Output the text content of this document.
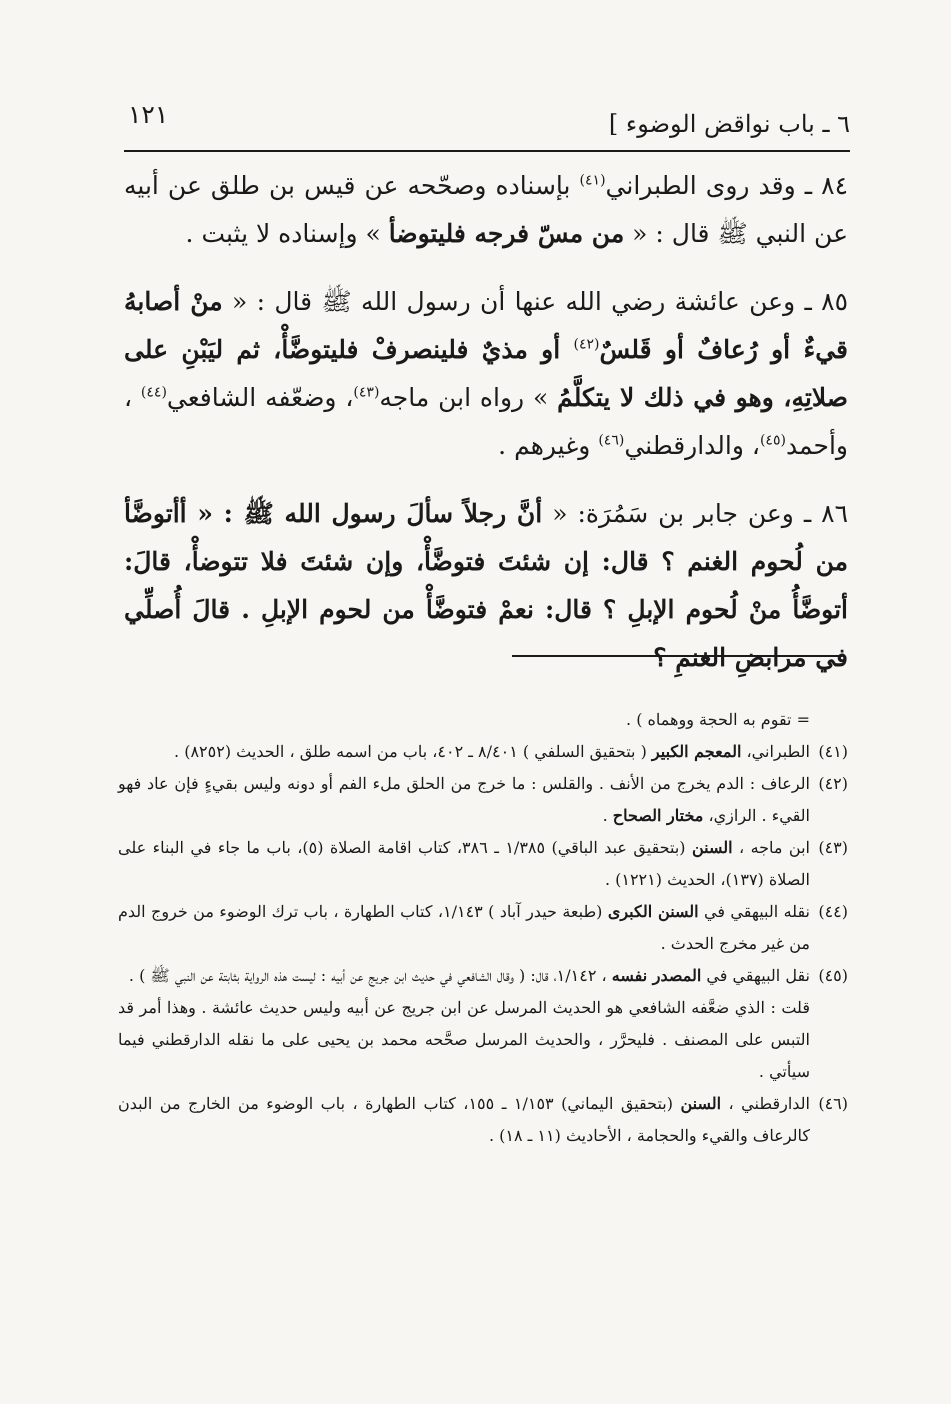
٦ ـ باب نواقض الوضوء ]
١٢١

٨٤ ـ وقد روى الطبراني$^{(٤١)}$ بإسناده وصحّحه عن قيس بن طلق عن أبيه عن النبي ﷺ قال : « من مسّ فرجه فليتوضأ » وإسناده لا يثبت .

٨٥ ـ وعن عائشة رضي الله عنها أن رسول الله ﷺ قال : « منْ أصابهُ قيءٌ أو رُعافٌ أو قَلسٌ$^{(٤٢)}$ أو مذيٌ فلينصرفْ فليتوضَّأْ، ثم ليَبْنِ على صلاتِهِ، وهو في ذلك لا يتكلَّمُ » رواه ابن ماجه$^{(٤٣)}$، وضعّفه الشافعي$^{(٤٤)}$ ، وأحمد$^{(٤٥)}$، والدارقطني$^{(٤٦)}$ وغيرهم .

٨٦ ـ وعن جابر بن سَمُرَة: « أنَّ رجلاً سألَ رسول الله ﷺ : « أأتوضَّأ من لُحوم الغنم ؟ قال: إن شئتَ فتوضَّأْ، وإن شئتَ فلا تتوضأْ، قالَ: أتوضَّأُ منْ لُحوم الإبلِ ؟ قال: نعمْ فتوضَّأْ من لحوم الإبلِ . قالَ أُصلِّي في مرابضِ الغنمِ ؟

= تقوم به الحجة ووهماه ) .

(٤١)
الطبراني، المعجم الكبير ( بتحقيق السلفي ) ٨/٤٠١ ـ ٤٠٢، باب من اسمه طلق ، الحديث (٨٢٥٢) .
(٤٢)
الرعاف : الدم يخرج من الأنف . والقلس : ما خرج من الحلق ملء الفم أو دونه وليس بقيءٍ فإن عاد فهو القيء . الرازي، مختار الصحاح .
(٤٣)
ابن ماجه ، السنن (بتحقيق عبد الباقي) ١/٣٨٥ ـ ٣٨٦، كتاب اقامة الصلاة (٥)، باب ما جاء في البناء على الصلاة (١٣٧)، الحديث (١٢٢١) .
(٤٤)
نقله البيهقي في السنن الكبرى (طبعة حيدر آباد ) ١/١٤٣، كتاب الطهارة ، باب ترك الوضوء من خروج الدم من غير مخرج الحدث .
(٤٥)
نقل البيهقي في المصدر نفسه ، ١/١٤٢، قال: ( وقال الشافعي في حديث ابن جريج عن أبيه : ليست هذه الرواية بثابتة عن النبي ﷺ ) .
قلت : الذي ضعَّفه الشافعي هو الحديث المرسل عن ابن جريج عن أبيه وليس حديث عائشة . وهذا أمر قد التبس على المصنف . فليحرَّر ، والحديث المرسل صحَّحه محمد بن يحيى على ما نقله الدارقطني فيما سيأتي .
(٤٦)
الدارقطني ، السنن (بتحقيق اليماني) ١/١٥٣ ـ ١٥٥، كتاب الطهارة ، باب الوضوء من الخارج من البدن كالرعاف والقيء والحجامة ، الأحاديث (١١ ـ ١٨) .
